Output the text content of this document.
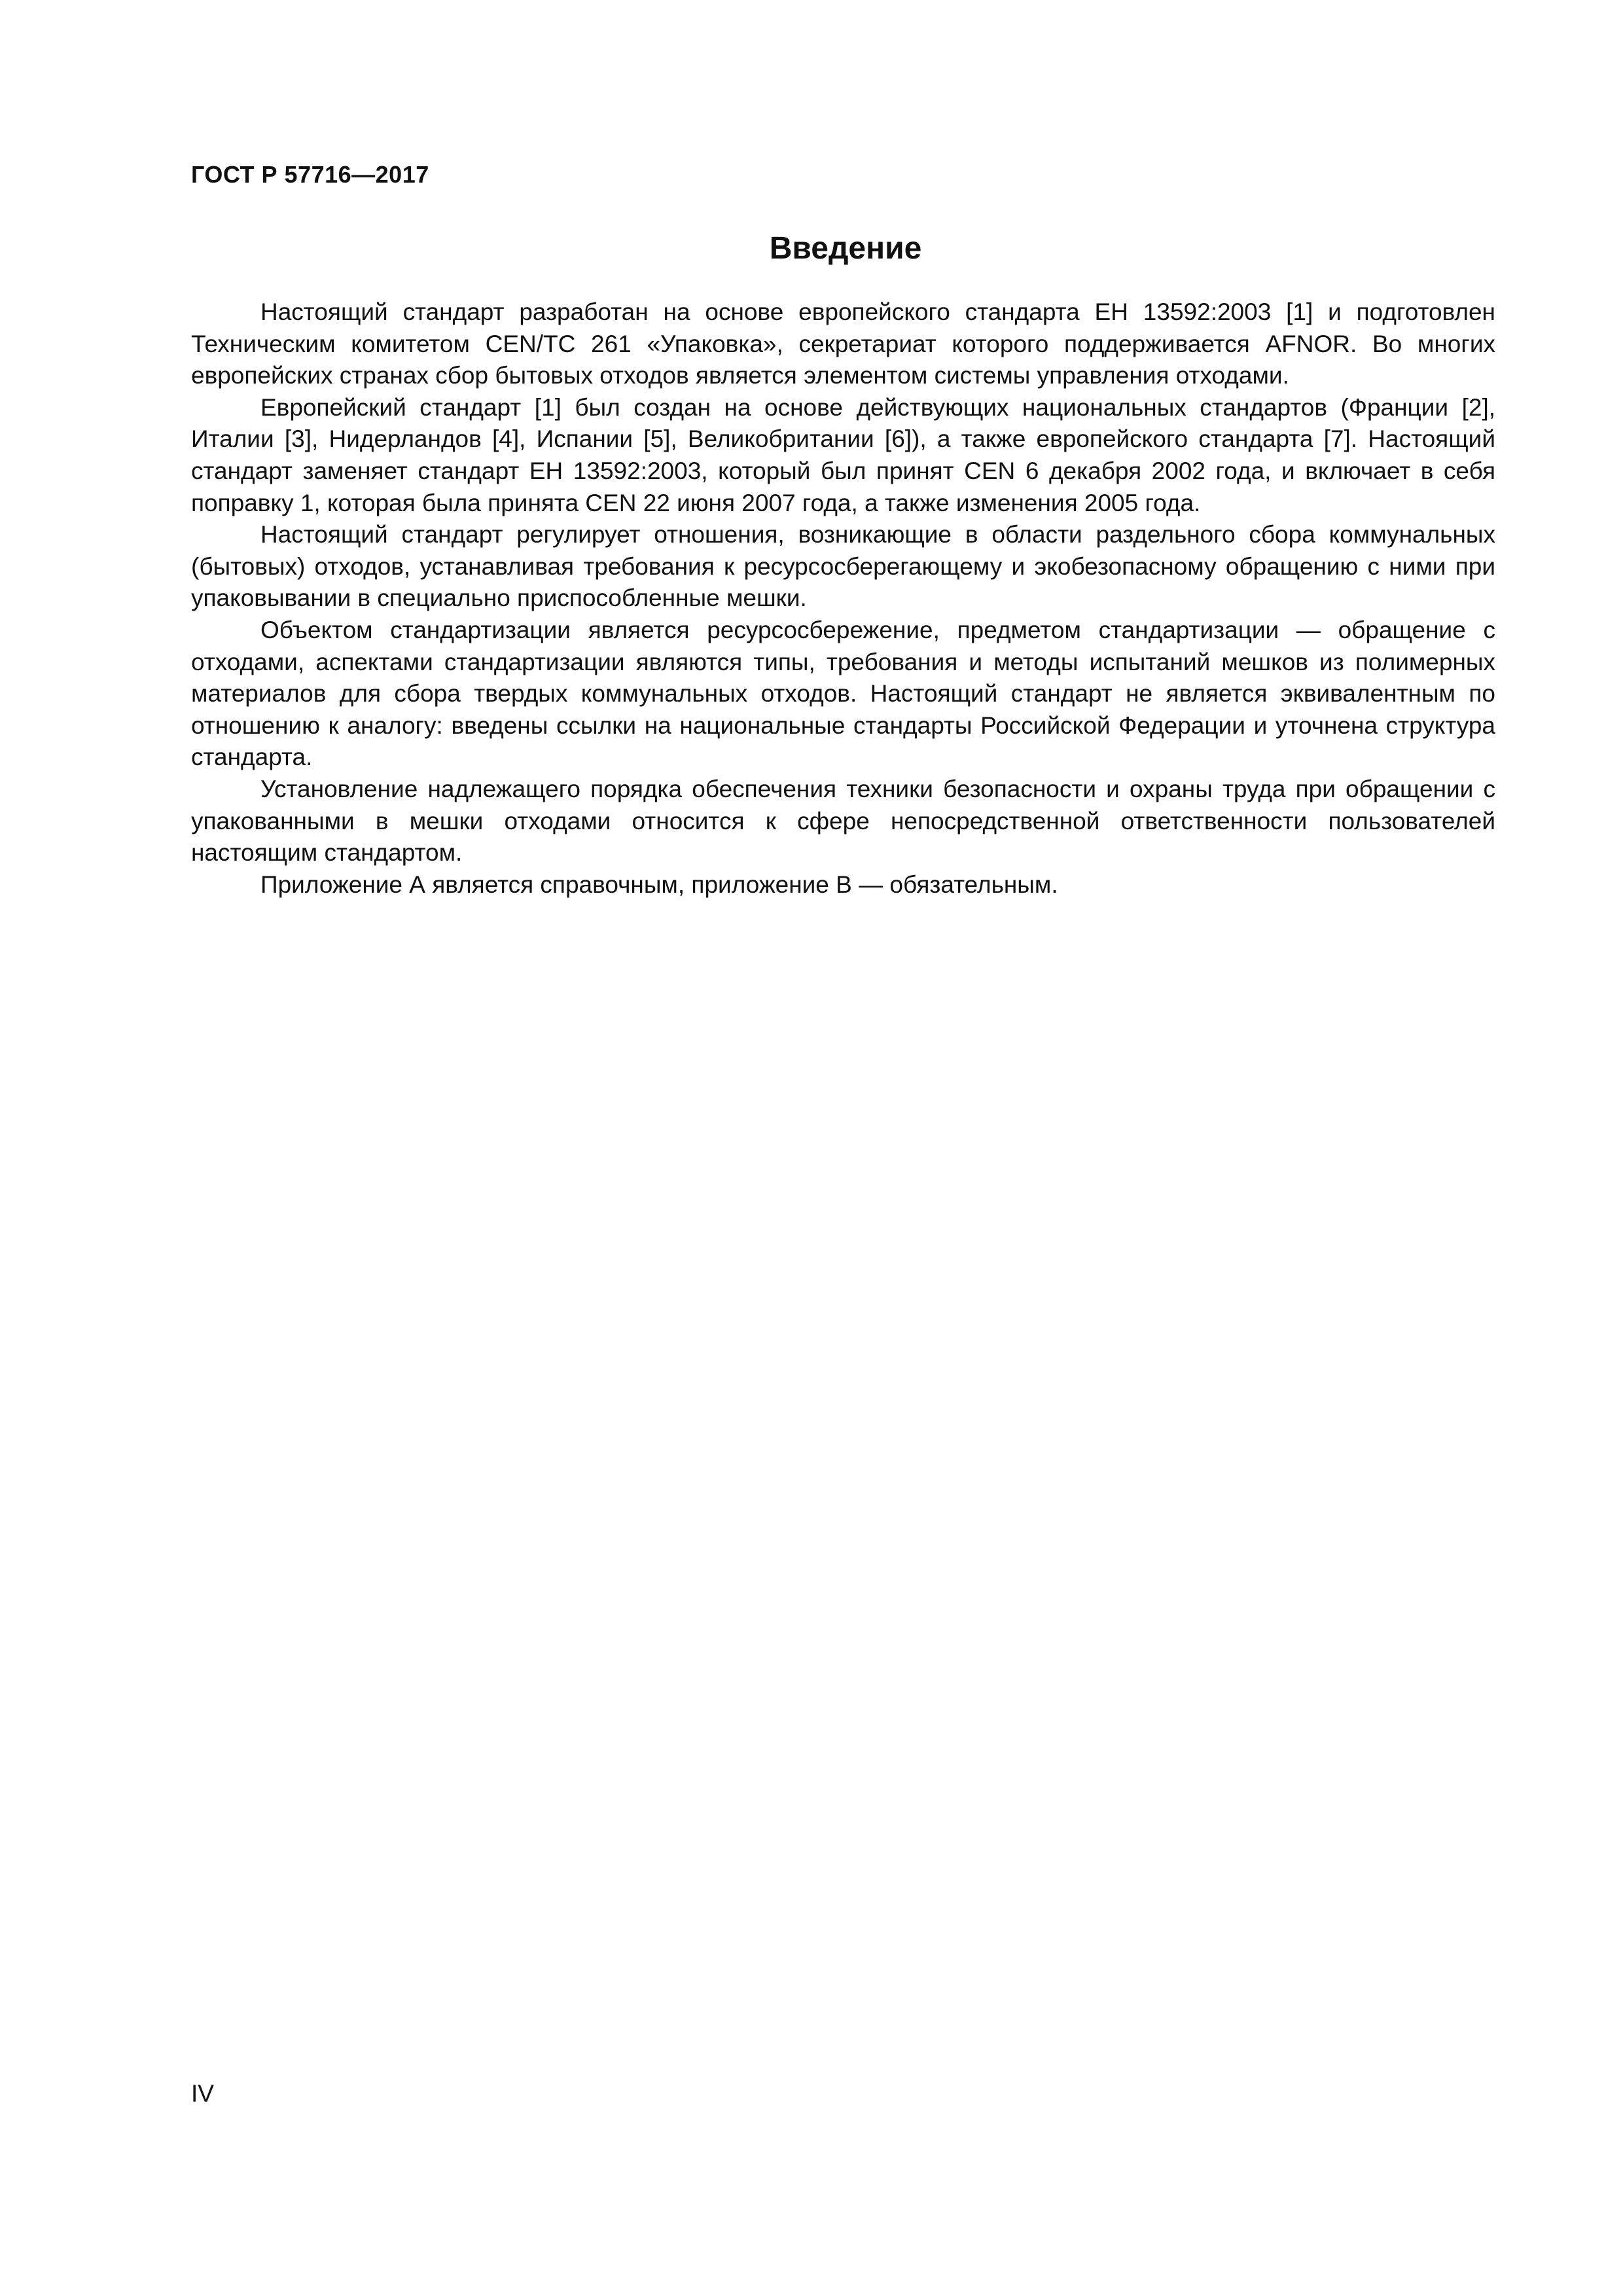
ГОСТ Р 57716—2017
Введение

Настоящий стандарт разработан на основе европейского стандарта ЕН 13592:2003 [1] и подготовлен Техническим комитетом CEN/TC 261 «Упаковка», секретариат которого поддерживается AFNOR. Во многих европейских странах сбор бытовых отходов является элементом системы управления отходами.

Европейский стандарт [1] был создан на основе действующих национальных стандартов (Франции [2], Италии [3], Нидерландов [4], Испании [5], Великобритании [6]), а также европейского стандарта [7]. Настоящий стандарт заменяет стандарт ЕН 13592:2003, который был принят CEN 6 декабря 2002 года, и включает в себя поправку 1, которая была принята CEN 22 июня 2007 года, а также изменения 2005 года.

Настоящий стандарт регулирует отношения, возникающие в области раздельного сбора коммунальных (бытовых) отходов, устанавливая требования к ресурсосберегающему и экобезопасному обращению с ними при упаковывании в специально приспособленные мешки.

Объектом стандартизации является ресурсосбережение, предметом стандартизации — обращение с отходами, аспектами стандартизации являются типы, требования и методы испытаний мешков из полимерных материалов для сбора твердых коммунальных отходов. Настоящий стандарт не является эквивалентным по отношению к аналогу: введены ссылки на национальные стандарты Российской Федерации и уточнена структура стандарта.

Установление надлежащего порядка обеспечения техники безопасности и охраны труда при обращении с упакованными в мешки отходами относится к сфере непосредственной ответственности пользователей настоящим стандартом.

Приложение А является справочным, приложение В — обязательным.

IV
